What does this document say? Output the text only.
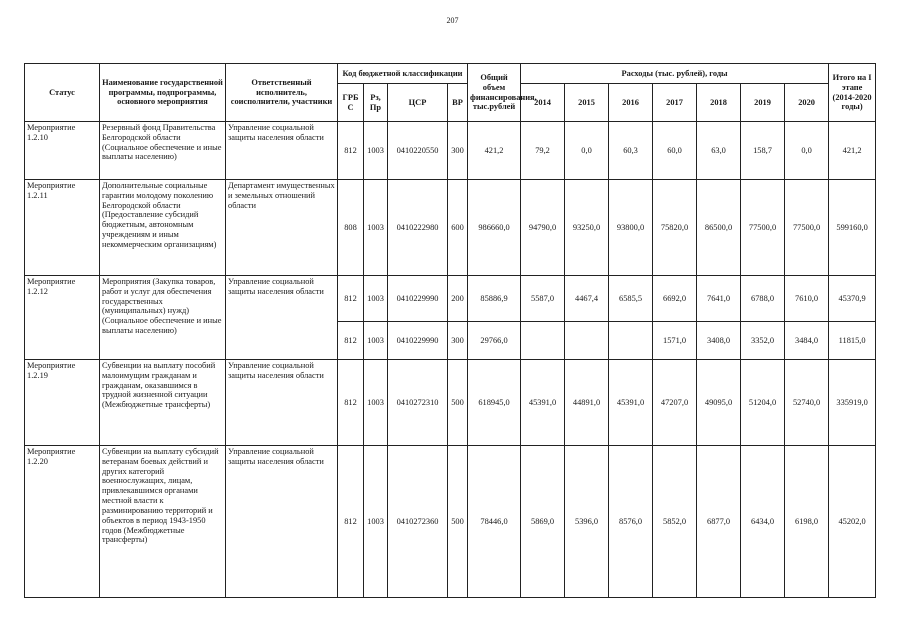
207
Статус	Наименование государственной программы, подпрограммы, основного мероприятия	Ответственный исполнитель, соисполнители, участники	Код бюджетной классификации				Общий объем финансирования, тыс.рублей	Расходы (тыс. рублей), годы							Итого на I этапе (2014-2020 годы)
			ГРБ С	Рз, Пр	ЦСР	ВР		2014	2015	2016	2017	2018	2019	2020	
Мероприятие 1.2.10	Резервный фонд Правительства Белгородской области (Социальное обеспечение и иные выплаты населению)	Управление социальной защиты населения области	812	1003	0410220550	300	421,2	79,2	0,0	60,3	60,0	63,0	158,7	0,0	421,2
Мероприятие 1.2.11	Дополнительные социальные гарантии молодому поколению Белгородской области (Предоставление субсидий бюджетным, автономным учреждениям и иным некоммерческим организациям)	Департамент имущественных и земельных отношений области	808	1003	0410222980	600	986660,0	94790,0	93250,0	93800,0	75820,0	86500,0	77500,0	77500,0	599160,0
Мероприятие 1.2.12	Мероприятия (Закупка товаров, работ и услуг для обеспечения государственных (муниципальных) нужд) (Социальное обеспечение и иные выплаты населению)	Управление социальной защиты населения области	812	1003	0410229990	200	85886,9	5587,0	4467,4	6585,5	6692,0	7641,0	6788,0	7610,0	45370,9
			812	1003	0410229990	300	29766,0				1571,0	3408,0	3352,0	3484,0	11815,0
Мероприятие 1.2.19	Субвенции на выплату пособий малоимущим гражданам и гражданам, оказавшимся в трудной жизненной ситуации (Межбюджетные трансферты)	Управление социальной защиты населения области	812	1003	0410272310	500	618945,0	45391,0	44891,0	45391,0	47207,0	49095,0	51204,0	52740,0	335919,0
Мероприятие 1.2.20	Субвенции на выплату субсидий ветеранам боевых действий и других категорий военнослужащих, лицам, привлекавшимся органами местной власти к разминированию территорий и объектов в период 1943-1950 годов (Межбюджетные трансферты)	Управление социальной защиты населения области	812	1003	0410272360	500	78446,0	5869,0	5396,0	8576,0	5852,0	6877,0	6434,0	6198,0	45202,0
